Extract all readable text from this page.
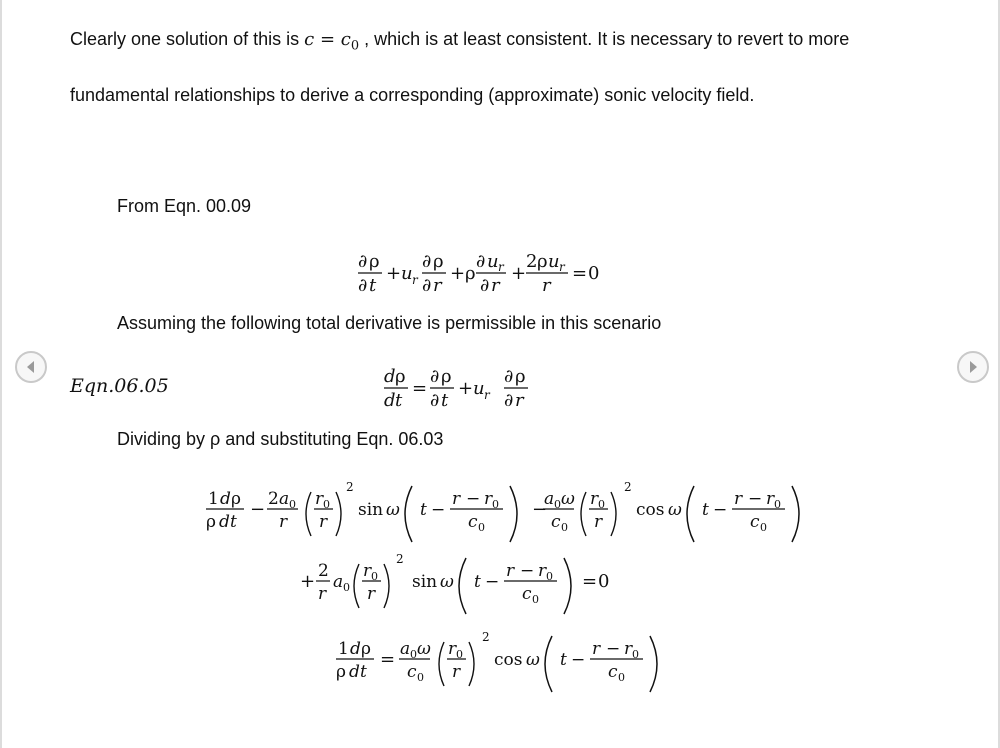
Clearly one solution of this is $c = c_0$ , which is at least consistent. It is necessary to revert to more
fundamental relationships to derive a corresponding (approximate) sonic velocity field.
From Eqn. 00.09
Assuming the following total derivative is permissible in this scenario
Eqn.06.05
Dividing by ρ and substituting Eqn. 06.03
∂ ρ
∂ t
+ u r
∂ ρ
∂ r
+ ρ
∂ u r
∂ r
+
2 ρ u r
r
= 0
d ρ
d t
=
∂ ρ
∂ t
+ u r
∂ ρ
∂ r
1 d ρ
ρ d t
− 2 a 0
r
r 0
r
2
sin ω t −
r − r 0
c 0
−
a 0 ω
c 0
r 0
r
2
cos ω t −
r − r 0
c 0
+ 2
r
a 0
r 0
r
2
sin ω t −
r − r 0
c 0
= 0
1 d ρ
ρ d t
= a 0 ω
c 0
r 0
r
2
cos ω t −
r − r 0
c 0
